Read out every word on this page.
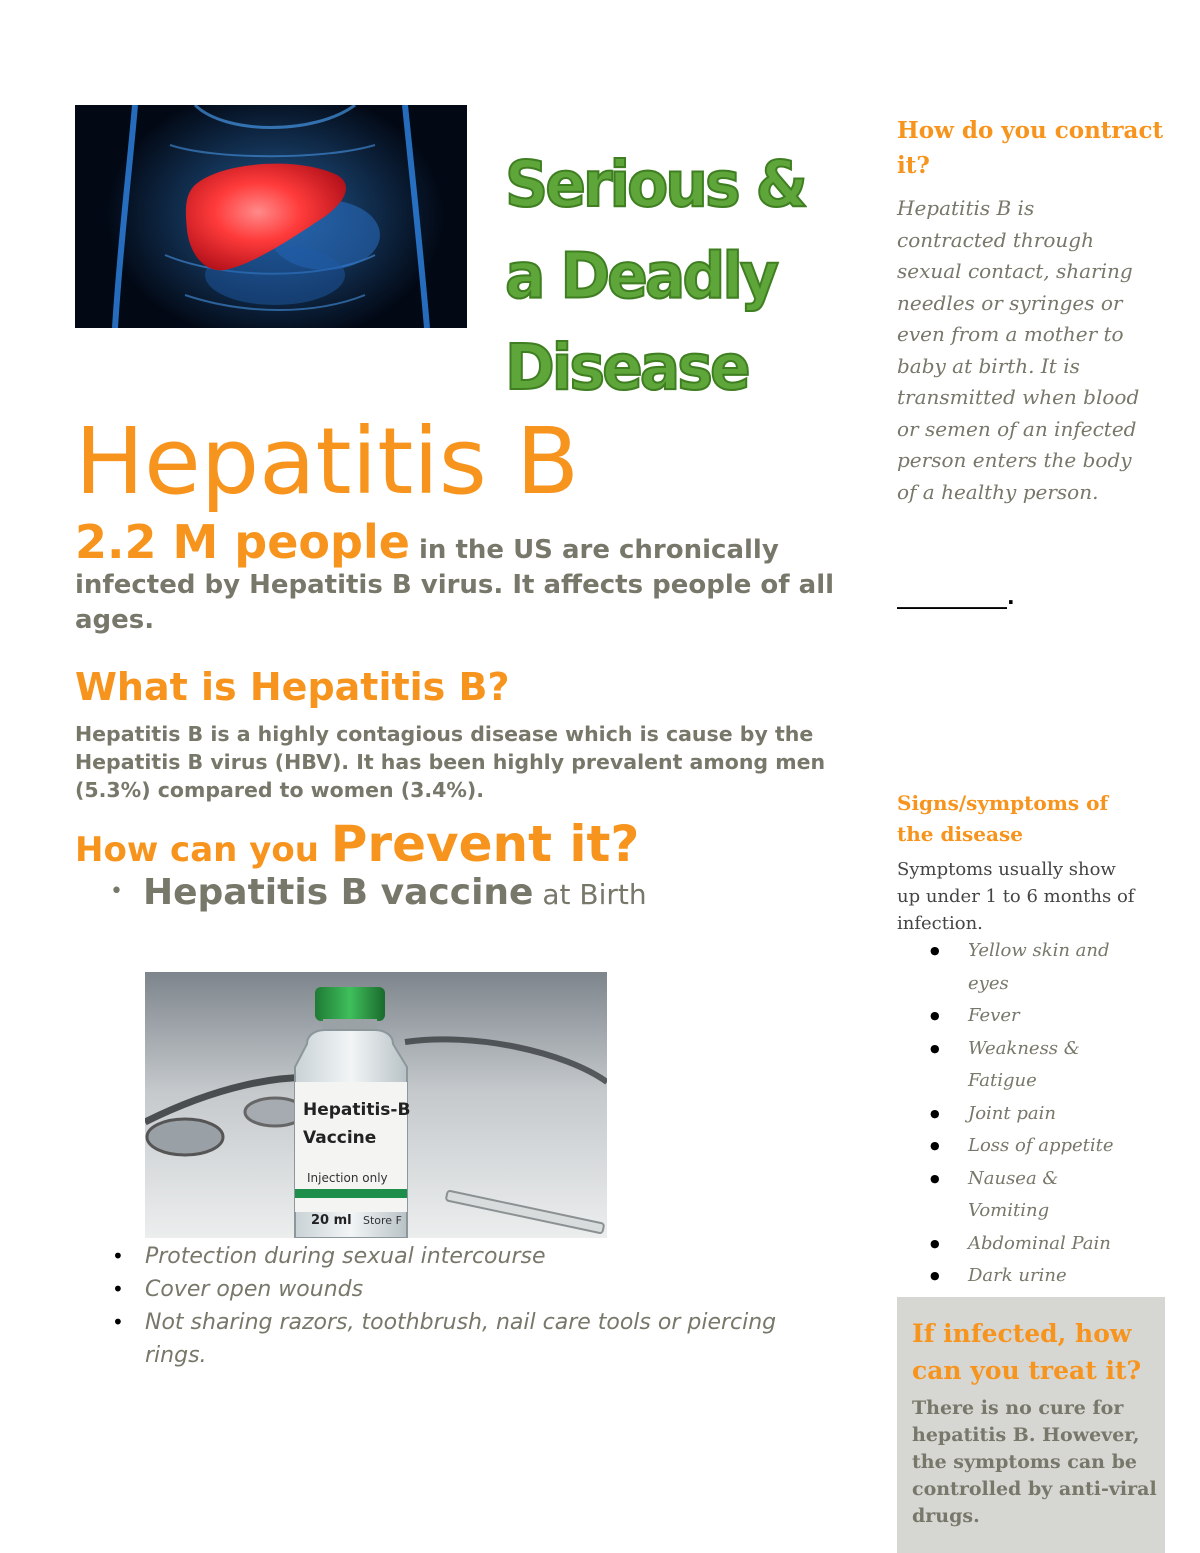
Serious & a Deadly Disease
Hepatitis B
2.2 M people in the US are chronically infected by Hepatitis B virus. It affects people of all ages.
What is Hepatitis B?
Hepatitis B is a highly contagious disease which is cause by the Hepatitis B virus (HBV). It has been highly prevalent among men (5.3%) compared to women (3.4%).
How can you Prevent it?
• Hepatitis B vaccine at Birth
Hepatitis-B
Vaccine
Injection only
20 ml Store F
• Protection during sexual intercourse
• Cover open wounds
• Not sharing razors, toothbrush, nail care tools or piercing rings.
How do you contract it?
Hepatitis B is contracted through sexual contact, sharing needles or syringes or even from a mother to baby at birth. It is transmitted when blood or semen of an infected person enters the body of a healthy person.
___________.
Signs/symptoms of the disease
Symptoms usually show up under 1 to 6 months of infection.
● Yellow skin and eyes
● Fever
● Weakness & Fatigue
● Joint pain
● Loss of appetite
● Nausea & Vomiting
● Abdominal Pain
● Dark urine
If infected, how can you treat it?
There is no cure for hepatitis B. However, the symptoms can be controlled by anti-viral drugs.
